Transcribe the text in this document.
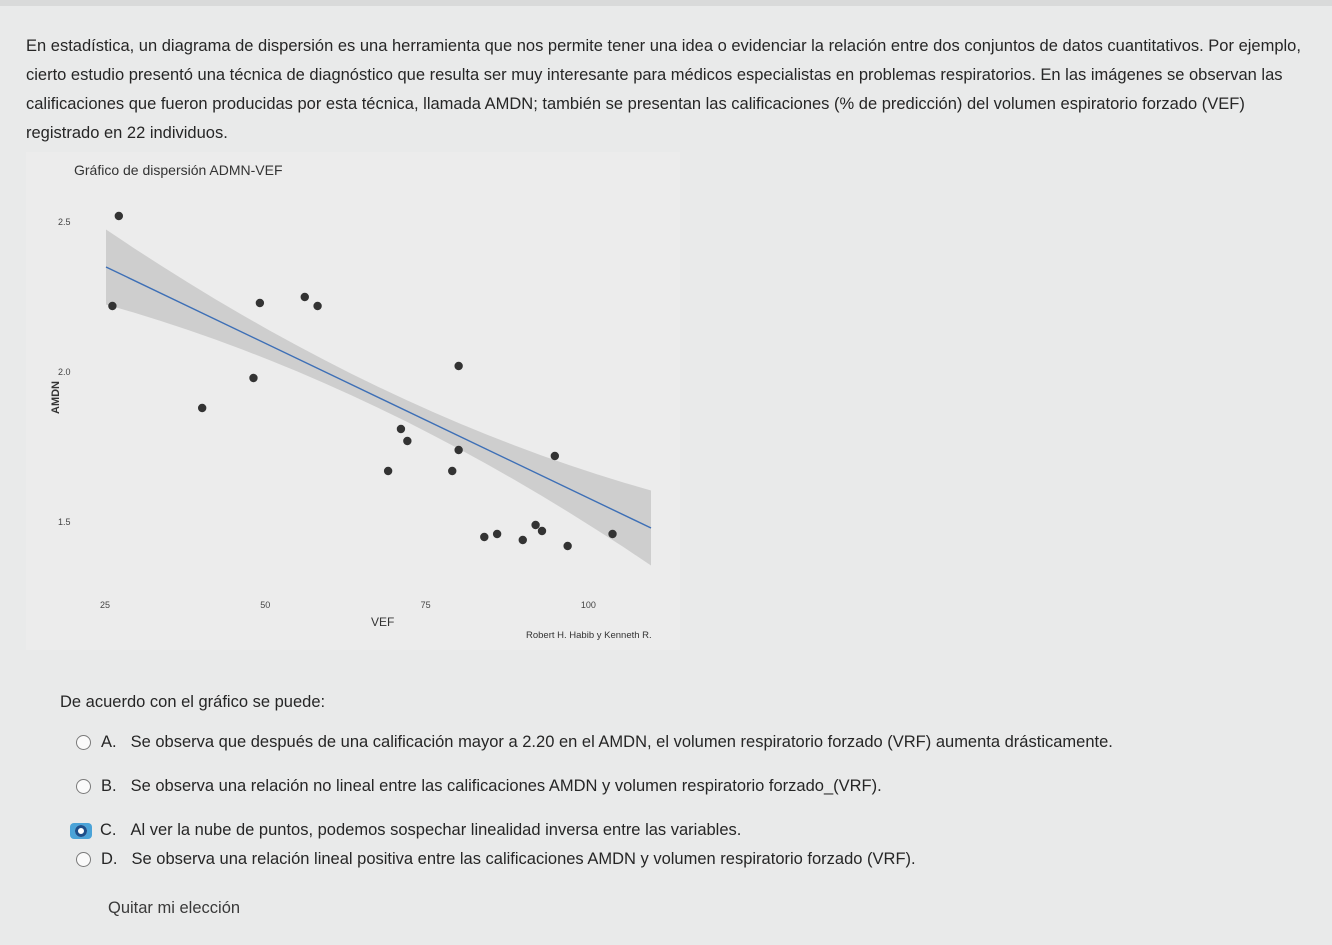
En estadística, un diagrama de dispersión es una herramienta que nos permite tener una idea o evidenciar la relación entre dos conjuntos de datos cuantitativos. Por ejemplo, cierto estudio presentó una técnica de diagnóstico que resulta ser muy interesante para médicos especialistas en problemas respiratorios. En las imágenes se observan las calificaciones que fueron producidas por esta técnica, llamada AMDN; también se presentan las calificaciones (% de predicción) del volumen espiratorio forzado (VEF) registrado en 22 individuos.
Gráfico de dispersión ADMN-VEF
25	50	75	100
2.5
2.0
1.5
VEF
AMDN
Robert H. Habib y Kenneth R.
De acuerdo con el gráfico se puede:
A. Se observa que después de una calificación mayor a 2.20 en el AMDN, el volumen respiratorio forzado (VRF) aumenta drásticamente.
B. Se observa una relación no lineal entre las calificaciones AMDN y volumen respiratorio forzado_(VRF).
C. Al ver la nube de puntos, podemos sospechar linealidad inversa entre las variables.
D. Se observa una relación lineal positiva entre las calificaciones AMDN y volumen respiratorio forzado (VRF).
Quitar mi elección
